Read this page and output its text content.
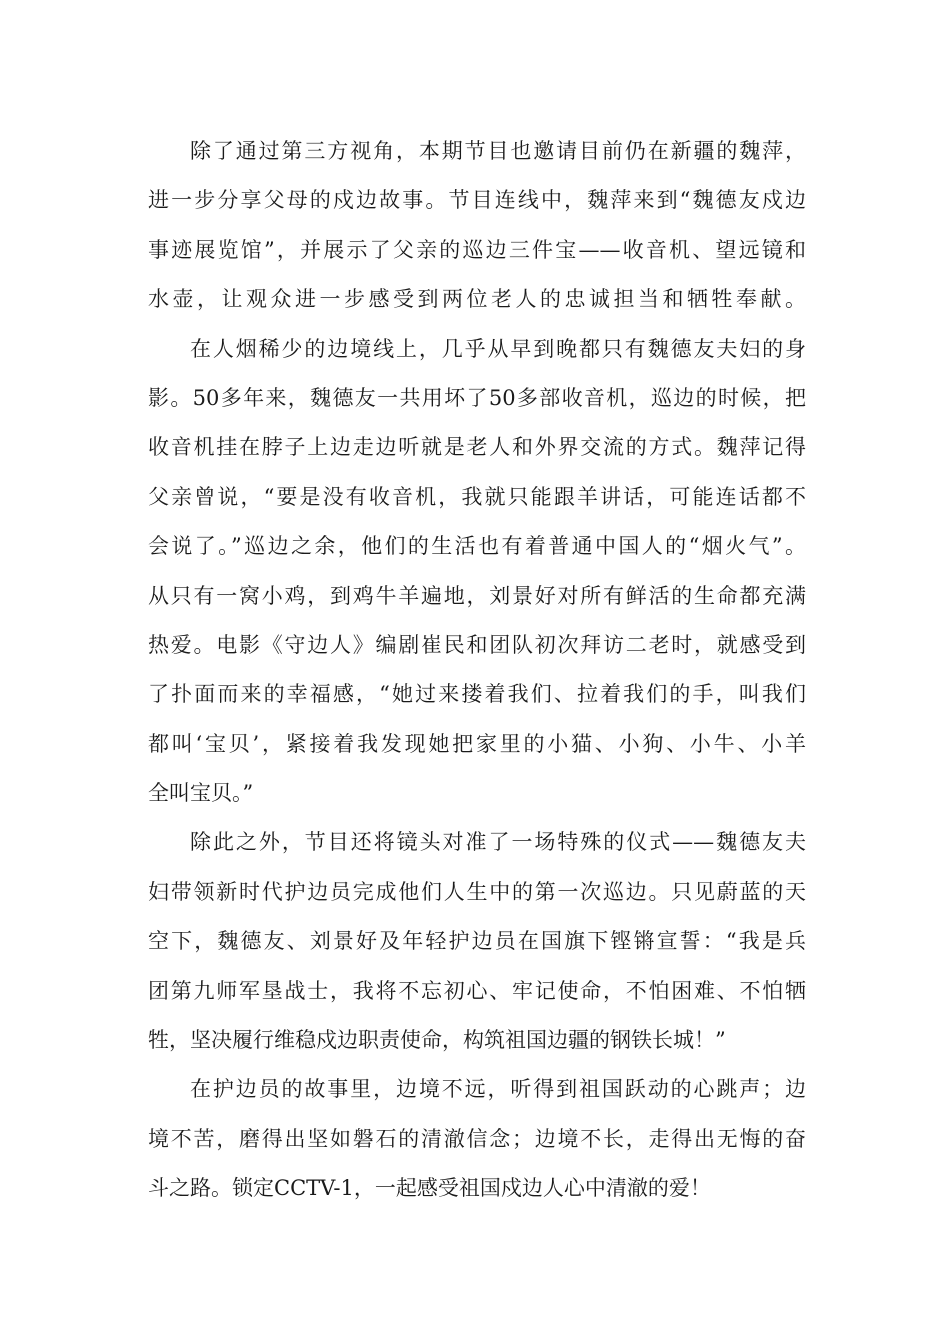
除了通过第三方视角，本期节目也邀请目前仍在新疆的魏萍，
进一步分享父母的戍边故事。节目连线中，魏萍来到“魏德友戍边
事迹展览馆”，并展示了父亲的巡边三件宝——收音机、望远镜和
水壶，让观众进一步感受到两位老人的忠诚担当和牺牲奉献。
在人烟稀少的边境线上，几乎从早到晚都只有魏德友夫妇的身
影。50多年来，魏德友一共用坏了50多部收音机，巡边的时候，把
收音机挂在脖子上边走边听就是老人和外界交流的方式。魏萍记得
父亲曾说，“要是没有收音机，我就只能跟羊讲话，可能连话都不
会说了。”巡边之余，他们的生活也有着普通中国人的“烟火气”。
从只有一窝小鸡，到鸡牛羊遍地，刘景好对所有鲜活的生命都充满
热爱。电影《守边人》编剧崔民和团队初次拜访二老时，就感受到
了扑面而来的幸福感，“她过来搂着我们、拉着我们的手，叫我们
都叫‘宝贝’，紧接着我发现她把家里的小猫、小狗、小牛、小羊
全叫宝贝。”
除此之外，节目还将镜头对准了一场特殊的仪式——魏德友夫
妇带领新时代护边员完成他们人生中的第一次巡边。只见蔚蓝的天
空下，魏德友、刘景好及年轻护边员在国旗下铿锵宣誓：“我是兵
团第九师军垦战士，我将不忘初心、牢记使命，不怕困难、不怕牺
牲，坚决履行维稳戍边职责使命，构筑祖国边疆的钢铁长城！”
在护边员的故事里，边境不远，听得到祖国跃动的心跳声；边
境不苦，磨得出坚如磐石的清澈信念；边境不长，走得出无悔的奋
斗之路。锁定CCTV-1，一起感受祖国戍边人心中清澈的爱！
